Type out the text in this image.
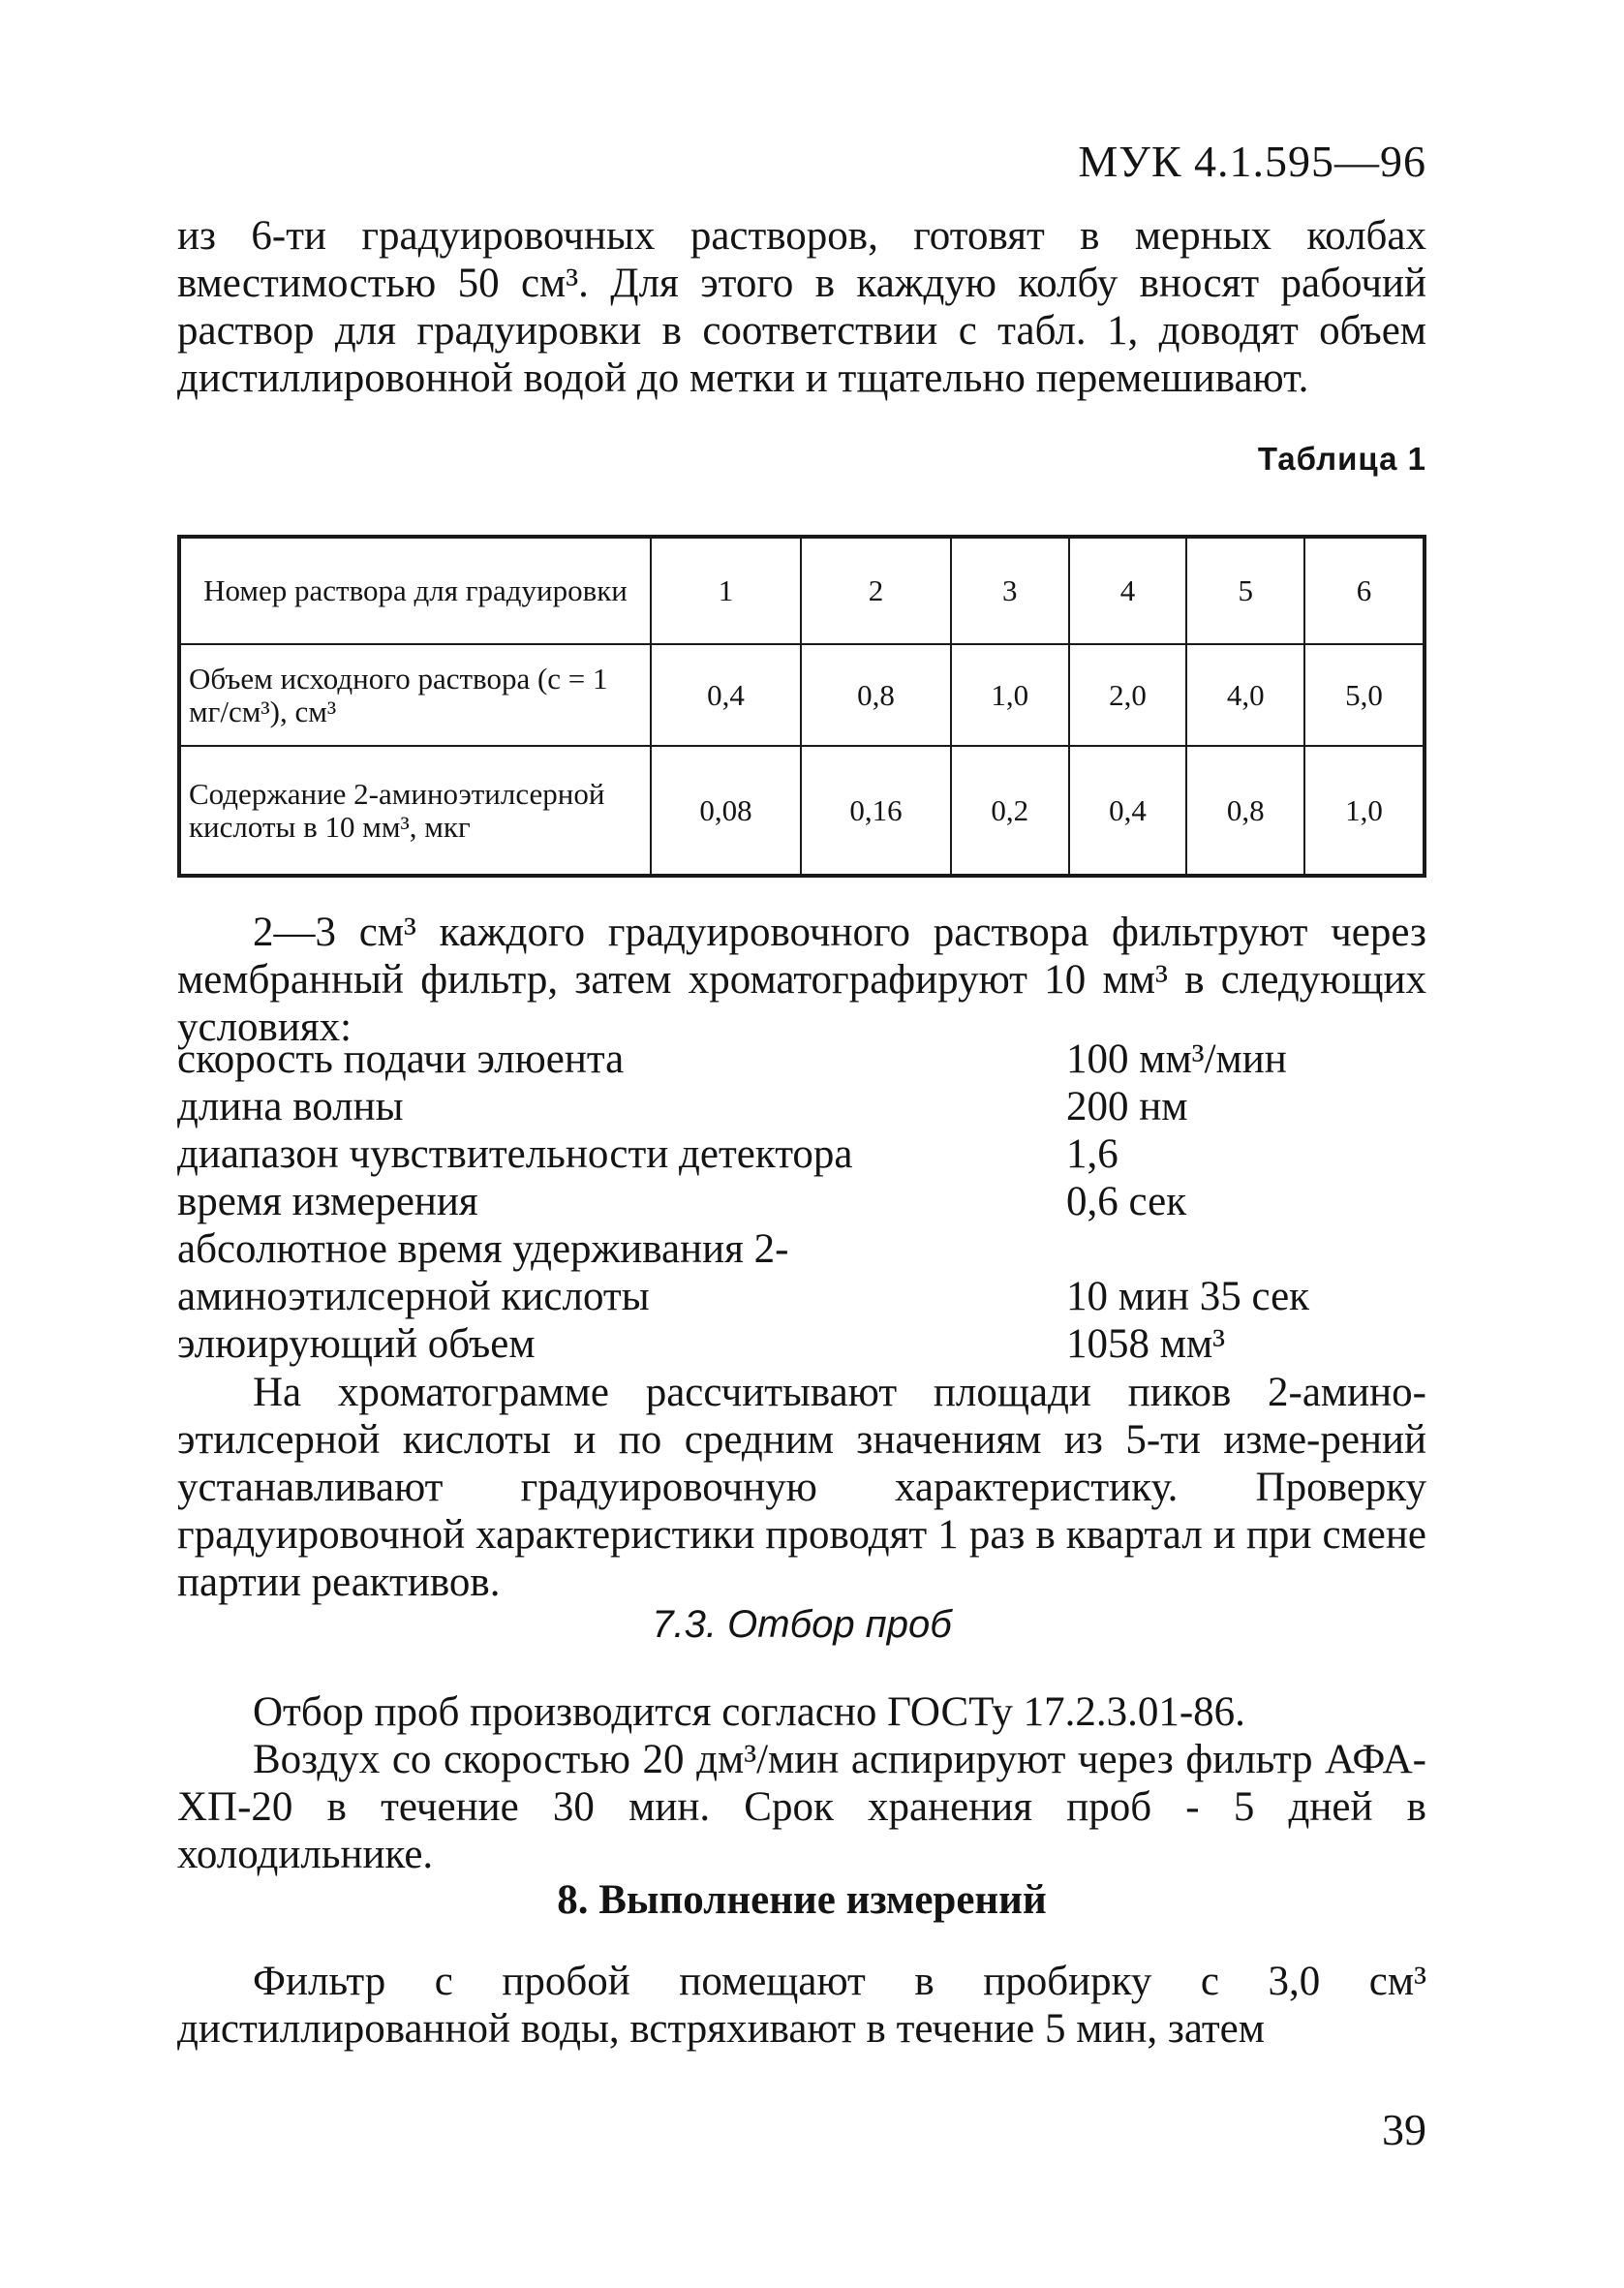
МУК 4.1.595—96

из 6-ти градуировочных растворов, готовят в мерных колбах вместимостью 50 см³. Для этого в каждую колбу вносят рабочий раствор для градуировки в соответствии с табл. 1, доводят объем дистиллировонной водой до метки и тщательно перемешивают.

Таблица 1
Номер раствора для градуировки	1	2	3	4	5	6
Объем исходного раствора (с = 1 мг/см³), см³	0,4	0,8	1,0	2,0	4,0	5,0
Содержание 2-аминоэтилсерной кислоты в 10 мм³, мкг	0,08	0,16	0,2	0,4	0,8	1,0

2—3 см³ каждого градуировочного раствора фильтруют через мембранный фильтр, затем хроматографируют 10 мм³ в следующих условиях:

скорость подачи элюента	100 мм³/мин
длина волны	200 нм
диапазон чувствительности детектора	1,6
время измерения	0,6 сек
абсолютное время удерживания 2-аминоэтилсерной кислоты	10 мин 35 сек
элюирующий объем	1058 мм³

На хроматограмме рассчитывают площади пиков 2-амино-этилсерной кислоты и по средним значениям из 5-ти изме-рений устанавливают градуировочную характеристику. Проверку градуировочной характеристики проводят 1 раз в квартал и при смене партии реактивов.

7.3. Отбор проб

Отбор проб производится согласно ГОСТу 17.2.3.01-86.

Воздух со скоростью 20 дм³/мин аспирируют через фильтр АФА-ХП-20 в течение 30 мин. Срок хранения проб - 5 дней в холодильнике.

8. Выполнение измерений

Фильтр с пробой помещают в пробирку с 3,0 см³ дистиллированной воды, встряхивают в течение 5 мин, затем

39
